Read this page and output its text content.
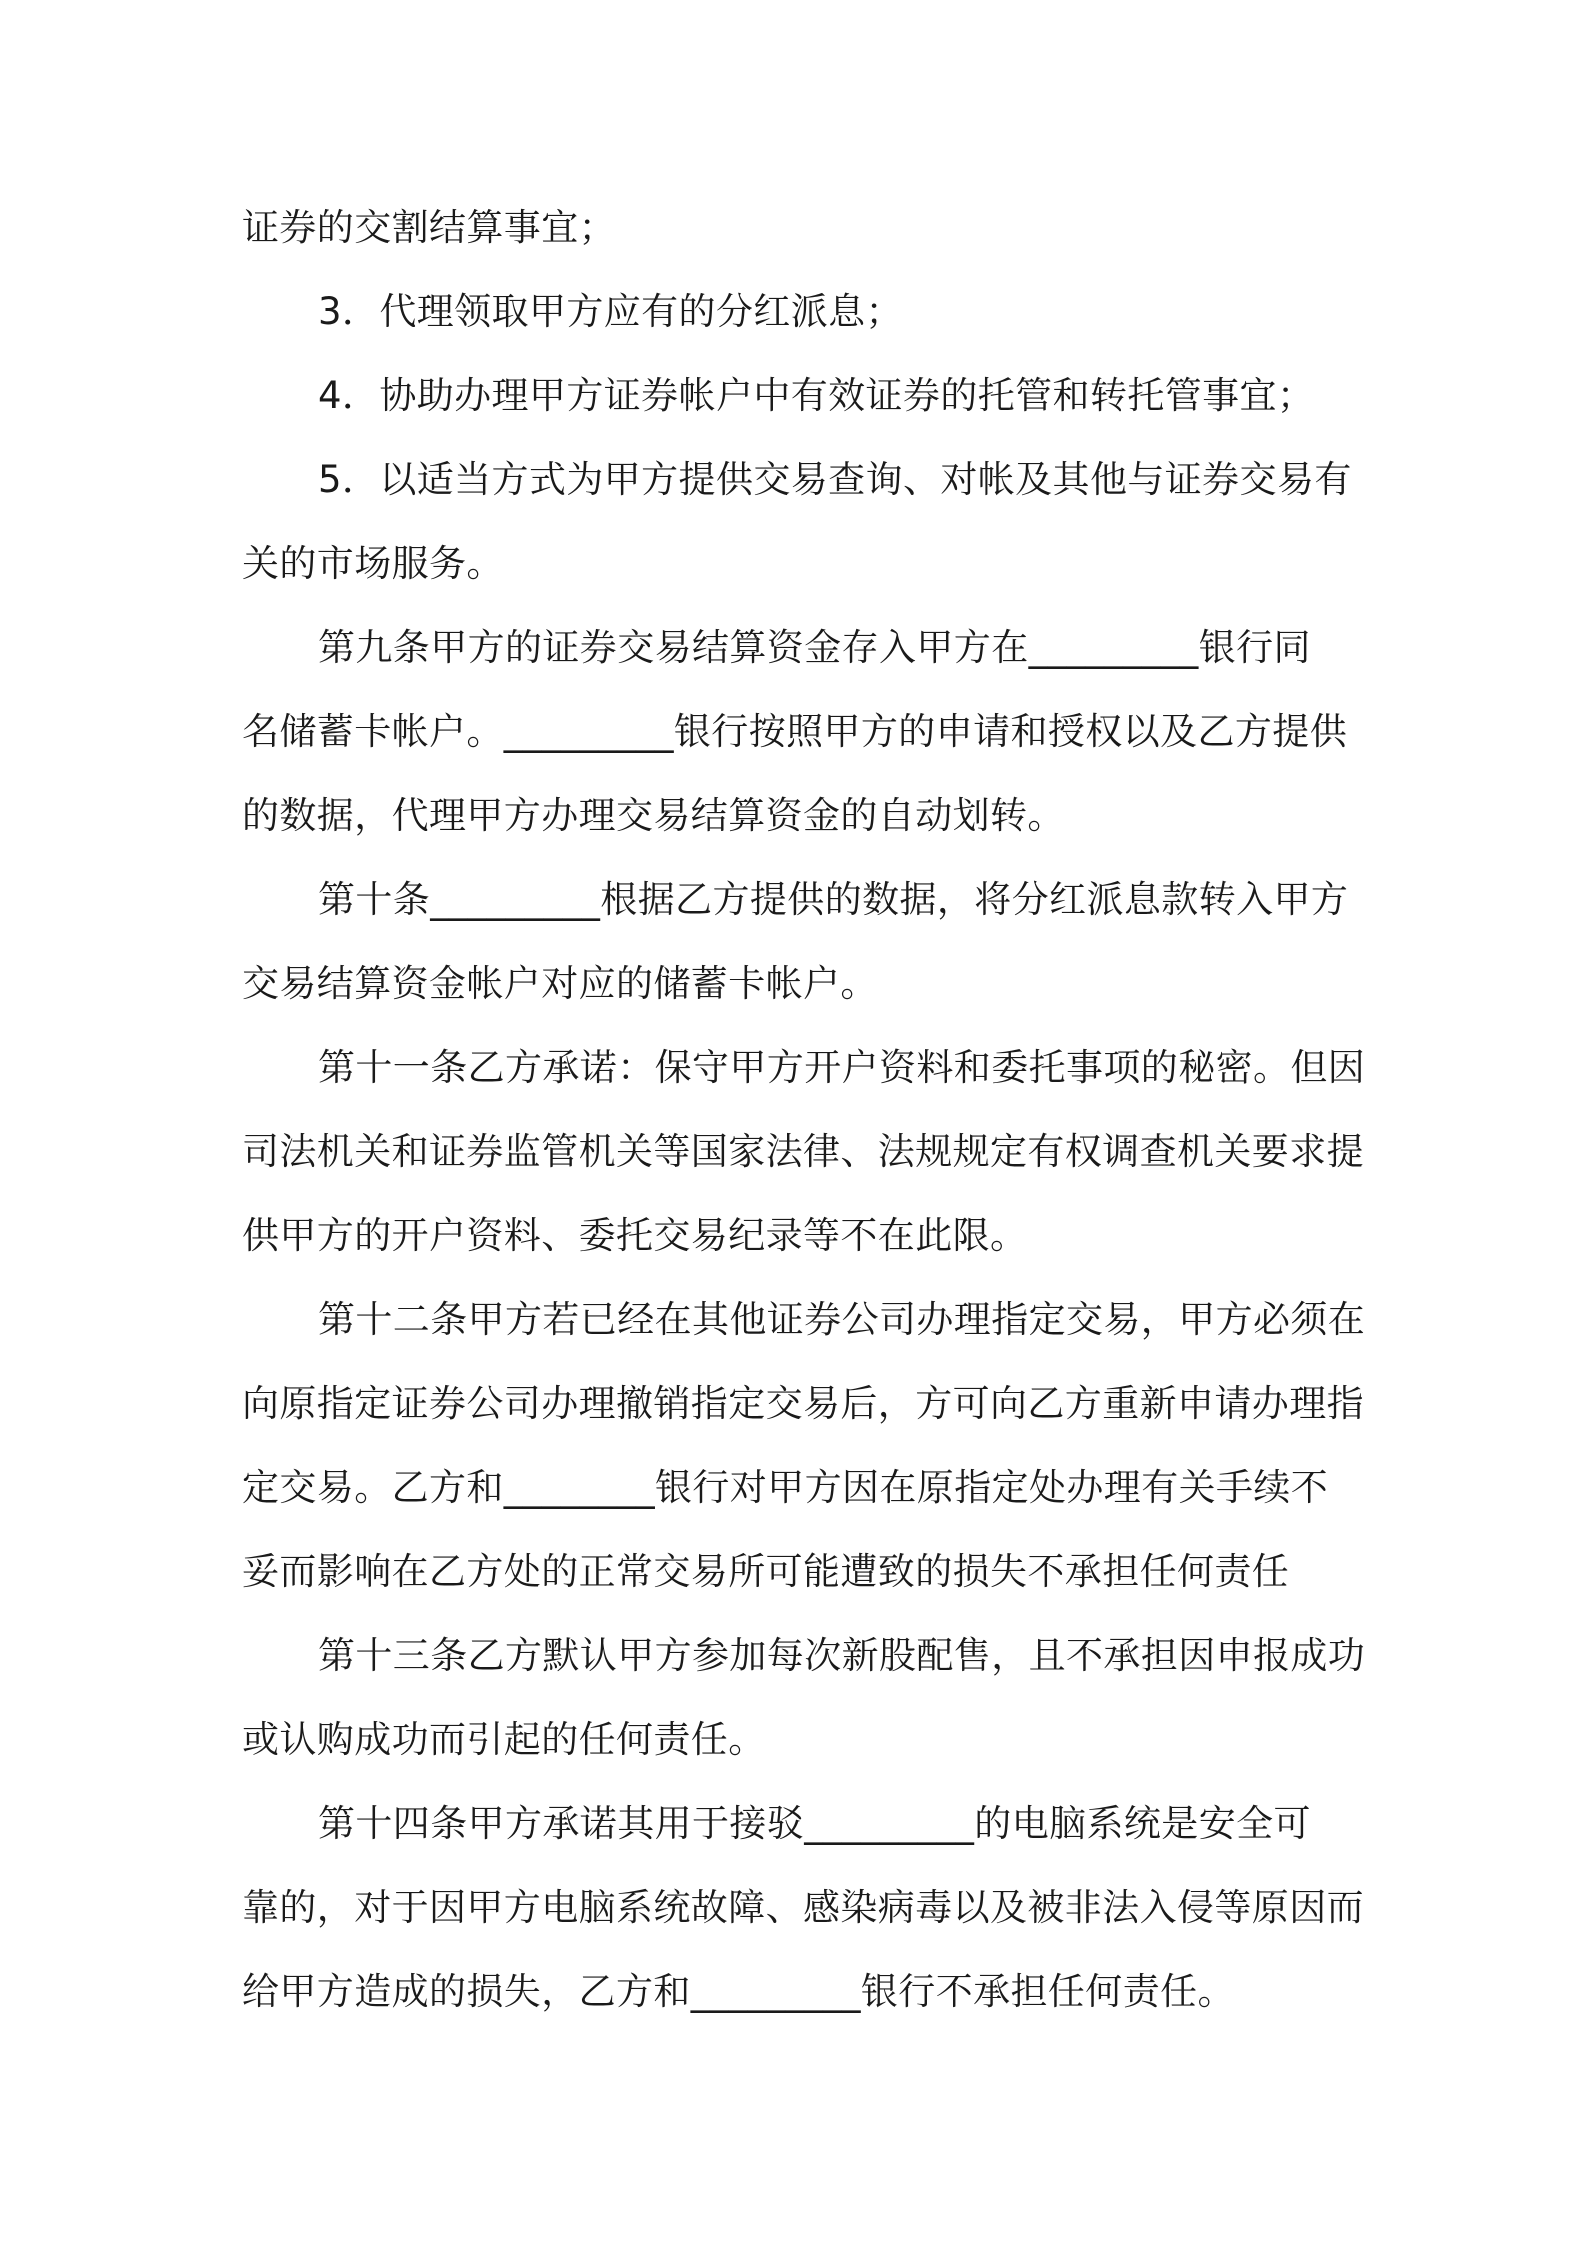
证券的交割结算事宜；
3．代理领取甲方应有的分红派息；
4．协助办理甲方证券帐户中有效证券的托管和转托管事宜；
5．以适当方式为甲方提供交易查询、对帐及其他与证券交易有
关的市场服务。
第九条甲方的证券交易结算资金存入甲方在_________银行同
名储蓄卡帐户。_________银行按照甲方的申请和授权以及乙方提供
的数据，代理甲方办理交易结算资金的自动划转。
第十条_________根据乙方提供的数据，将分红派息款转入甲方
交易结算资金帐户对应的储蓄卡帐户。
第十一条乙方承诺：保守甲方开户资料和委托事项的秘密。但因
司法机关和证券监管机关等国家法律、法规规定有权调查机关要求提
供甲方的开户资料、委托交易纪录等不在此限。
第十二条甲方若已经在其他证券公司办理指定交易，甲方必须在
向原指定证券公司办理撤销指定交易后，方可向乙方重新申请办理指
定交易。乙方和________银行对甲方因在原指定处办理有关手续不
妥而影响在乙方处的正常交易所可能遭致的损失不承担任何责任
第十三条乙方默认甲方参加每次新股配售，且不承担因申报成功
或认购成功而引起的任何责任。
第十四条甲方承诺其用于接驳_________的电脑系统是安全可
靠的，对于因甲方电脑系统故障、感染病毒以及被非法入侵等原因而
给甲方造成的损失，乙方和_________银行不承担任何责任。
